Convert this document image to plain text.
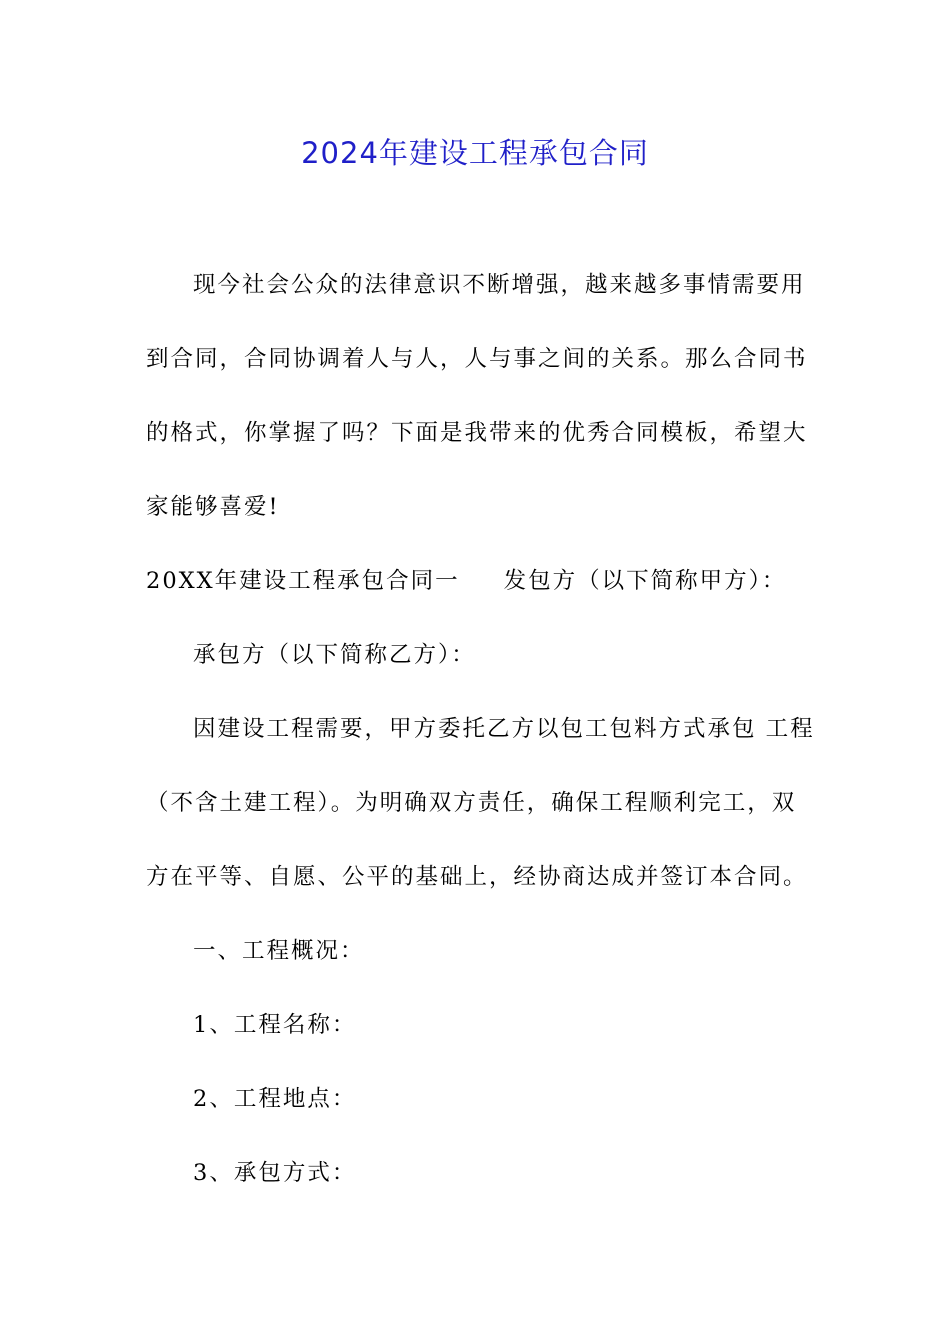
2024年建设工程承包合同
现今社会公众的法律意识不断增强，越来越多事情需要用
到合同，合同协调着人与人，人与事之间的关系。那么合同书
的格式，你掌握了吗？下面是我带来的优秀合同模板，希望大
家能够喜爱!
20XX年建设工程承包合同一 发包方（以下简称甲方）：
承包方（以下简称乙方）：
因建设工程需要，甲方委托乙方以包工包料方式承包 工程
（不含土建工程）。为明确双方责任，确保工程顺利完工，双
方在平等、自愿、公平的基础上，经协商达成并签订本合同。
一、工程概况：
1、工程名称：
2、工程地点：
3、承包方式：
